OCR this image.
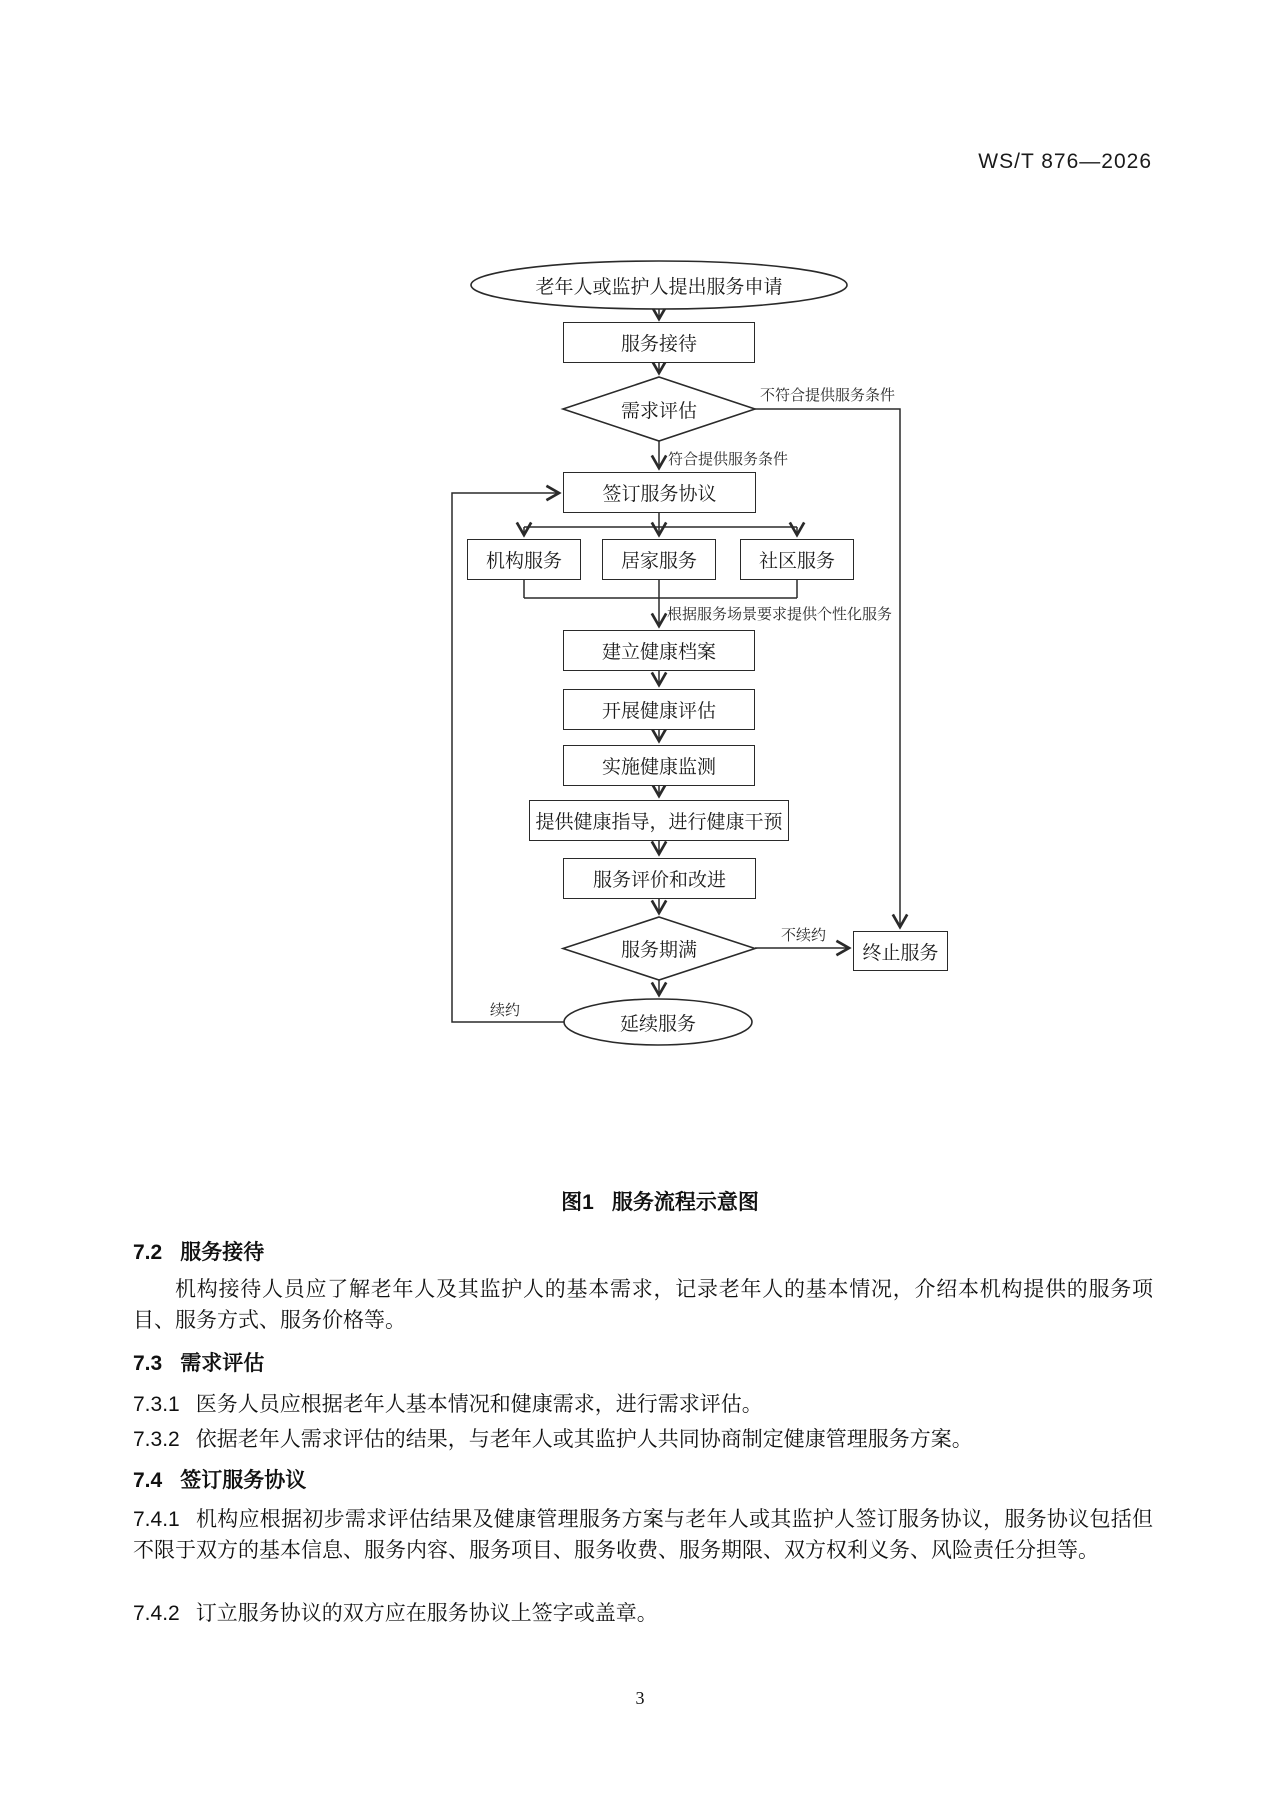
WS/T 876—2026
服务接待
签订服务协议
机构服务	居家服务	社区服务
建立健康档案
开展健康评估
实施健康监测
提供健康指导，进行健康干预
服务评价和改进
终止服务
老年人或监护人提出服务申请
需求评估
服务期满
延续服务
不符合提供服务条件
符合提供服务条件
根据服务场景要求提供个性化服务
不续约
续约
图1 服务流程示意图
7.2 服务接待
机构接待人员应了解老年人及其监护人的基本需求，记录老年人的基本情况，介绍本机构提供的服务项目、服务方式、服务价格等。
7.3 需求评估
7.3.1 医务人员应根据老年人基本情况和健康需求，进行需求评估。
7.3.2 依据老年人需求评估的结果，与老年人或其监护人共同协商制定健康管理服务方案。
7.4 签订服务协议
7.4.1 机构应根据初步需求评估结果及健康管理服务方案与老年人或其监护人签订服务协议，服务协议包括但不限于双方的基本信息、服务内容、服务项目、服务收费、服务期限、双方权利义务、风险责任分担等。
7.4.2 订立服务协议的双方应在服务协议上签字或盖章。
3
